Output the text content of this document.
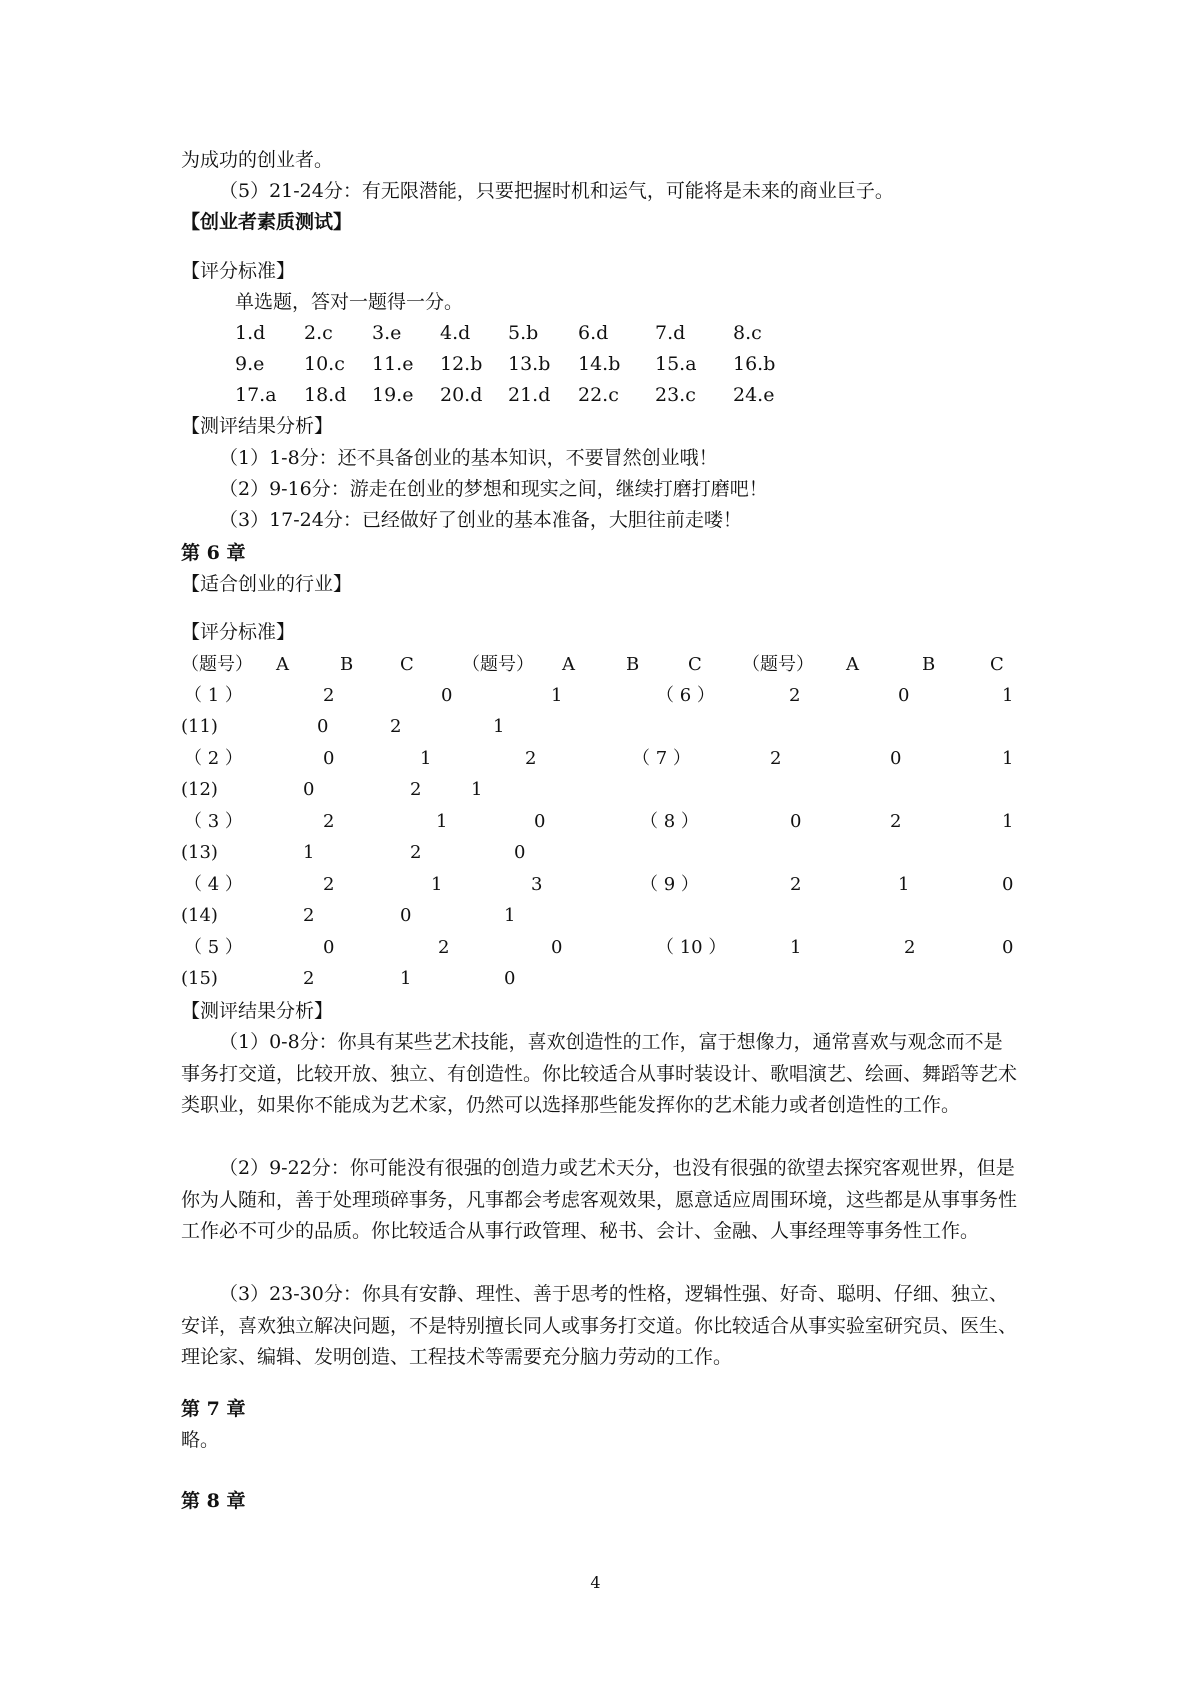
为成功的创业者。
（5）21-24分：有无限潜能，只要把握时机和运气，可能将是未来的商业巨子。
【创业者素质测试】
【评分标准】
单选题，答对一题得一分。
1.d 2.c 3.e 4.d 5.b 6.d 7.d	8.c
9.e 10.c 11.e 12.b 13.b 14.b 15.a 16.b
17.a 18.d 19.e 20.d 21.d 22.c 23.c 24.e
【测评结果分析】
（1）1-8分：还不具备创业的基本知识，不要冒然创业哦！
（2）9-16分：游走在创业的梦想和现实之间，继续打磨打磨吧！
（3）17-24分：已经做好了创业的基本准备，大胆往前走喽！
第 6 章
【适合创业的行业】
【评分标准】
（题号） A	B	C	（题号） A	B	C （题号） A	B	C
（ 1 ）	2	0	1	（ 6 ）	2	0	1
(11)	0	2	1
（ 2 ）	0	1	2	（ 7 ）	2	0	1
(12)	0	2	1
（ 3 ）	2	1	0	（ 8 ）	0	2	1
(13)	1	2	0
（ 4 ）	2	1	3	（ 9 ）	2	1	0
(14)	2	0	1
（ 5 ）	0	2	0	（ 10 ）	1	2	0
(15)	2	1	0
【测评结果分析】
（1）0-8分：你具有某些艺术技能，喜欢创造性的工作，富于想像力，通常喜欢与观念而不是事务打交道，比较开放、独立、有创造性。你比较适合从事时装设计、歌唱演艺、绘画、舞蹈等艺术类职业，如果你不能成为艺术家，仍然可以选择那些能发挥你的艺术能力或者创造性的工作。
（2）9-22分：你可能没有很强的创造力或艺术天分，也没有很强的欲望去探究客观世界，但是你为人随和，善于处理琐碎事务，凡事都会考虑客观效果，愿意适应周围环境，这些都是从事事务性工作必不可少的品质。你比较适合从事行政管理、秘书、会计、金融、人事经理等事务性工作。
（3）23-30分：你具有安静、理性、善于思考的性格，逻辑性强、好奇、聪明、仔细、独立、安详，喜欢独立解决问题，不是特别擅长同人或事务打交道。你比较适合从事实验室研究员、医生、理论家、编辑、发明创造、工程技术等需要充分脑力劳动的工作。
第 7 章
略。
第 8 章
4
